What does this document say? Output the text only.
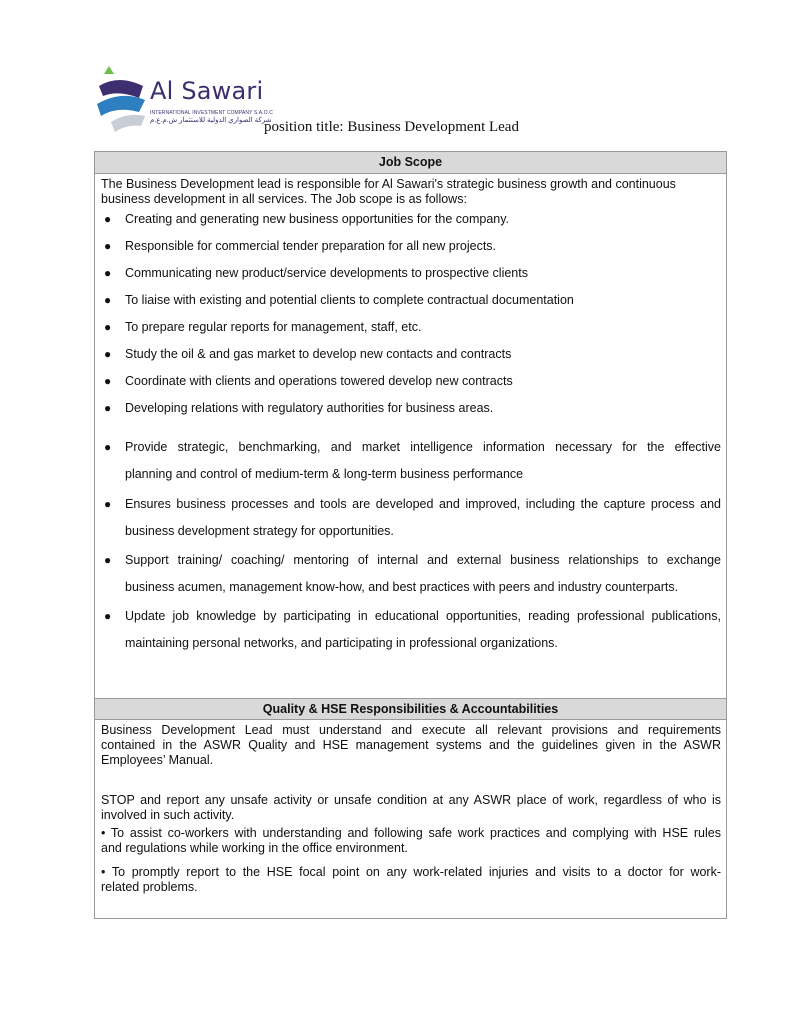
Al Sawari
INTERNATIONAL INVESTMENT COMPANY S.A.O.C
شركة الصواري الدولية للاستثمار ش.م.ع.م
position title: Business Development Lead
Job Scope
The Business Development lead is responsible for Al Sawari's strategic business growth and continuous
business development in all services. The Job scope is as follows:
● Creating and generating new business opportunities for the company.
● Responsible for commercial tender preparation for all new projects.
● Communicating new product/service developments to prospective clients
● To liaise with existing and potential clients to complete contractual documentation
● To prepare regular reports for management, staff, etc.
● Study the oil & and gas market to develop new contacts and contracts
● Coordinate with clients and operations towered develop new contracts
● Developing relations with regulatory authorities for business areas.
● Provide strategic, benchmarking, and market intelligence information necessary for the effective
planning and control of medium-term & long-term business performance
● Ensures business processes and tools are developed and improved, including the capture process and
business development strategy for opportunities.
● Support training/ coaching/ mentoring of internal and external business relationships to exchange
business acumen, management know-how, and best practices with peers and industry counterparts.
● Update job knowledge by participating in educational opportunities, reading professional publications,
maintaining personal networks, and participating in professional organizations.
Quality & HSE Responsibilities & Accountabilities
Business Development Lead must understand and execute all relevant provisions and requirements
contained in the ASWR Quality and HSE management systems and the guidelines given in the ASWR
Employees’ Manual.
STOP and report any unsafe activity or unsafe condition at any ASWR place of work, regardless of who is
involved in such activity.
• To assist co-workers with understanding and following safe work practices and complying with HSE rules
and regulations while working in the office environment.
• To promptly report to the HSE focal point on any work-related injuries and visits to a doctor for work-
related problems.
